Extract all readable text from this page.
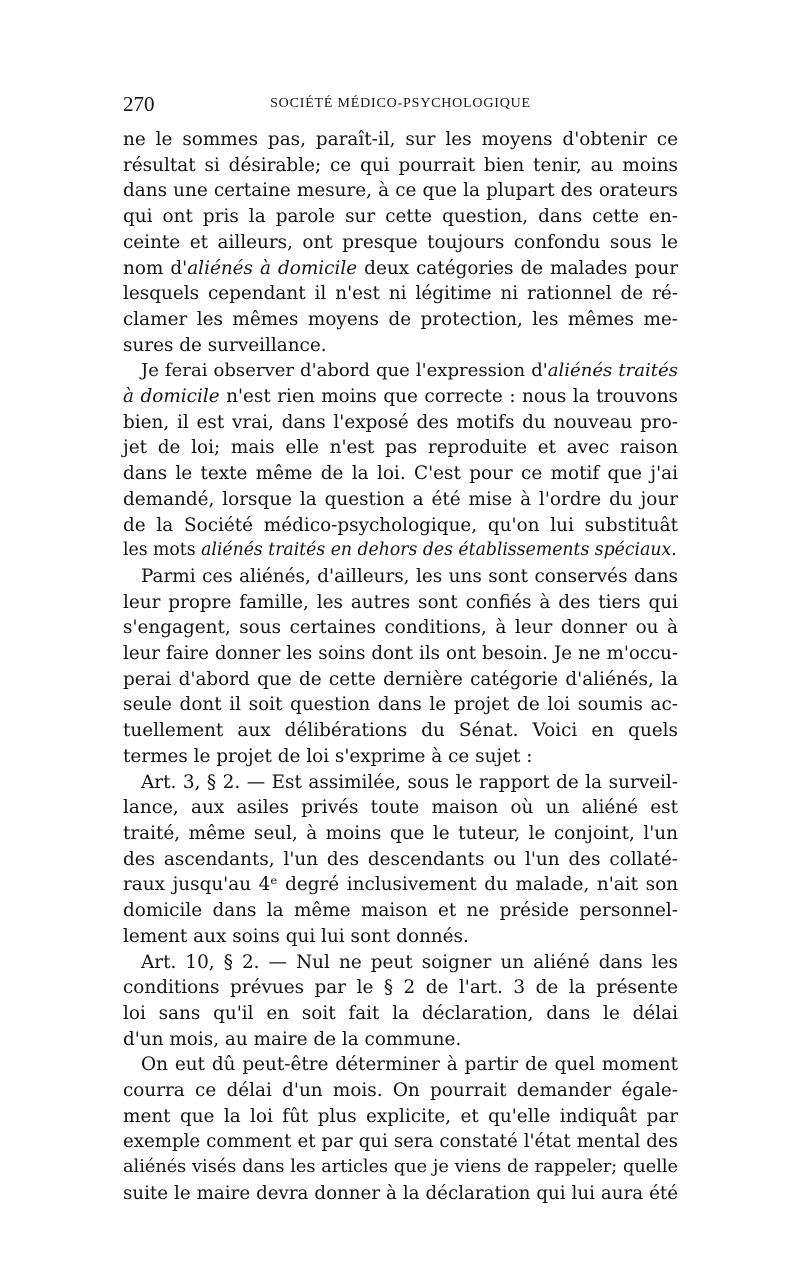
270	SOCIÉTÉ MÉDICO-PSYCHOLOGIQUE
ne le sommes pas, paraît-il, sur les moyens d'obtenir ce
résultat si désirable; ce qui pourrait bien tenir, au moins
dans une certaine mesure, à ce que la plupart des orateurs
qui ont pris la parole sur cette question, dans cette en-
ceinte et ailleurs, ont presque toujours confondu sous le
nom d'aliénés à domicile deux catégories de malades pour
lesquels cependant il n'est ni légitime ni rationnel de ré-
clamer les mêmes moyens de protection, les mêmes me-
sures de surveillance.
Je ferai observer d'abord que l'expression d'aliénés traités
à domicile n'est rien moins que correcte : nous la trouvons
bien, il est vrai, dans l'exposé des motifs du nouveau pro-
jet de loi; mais elle n'est pas reproduite et avec raison
dans le texte même de la loi. C'est pour ce motif que j'ai
demandé, lorsque la question a été mise à l'ordre du jour
de la Société médico-psychologique, qu'on lui substituât
les mots aliénés traités en dehors des établissements spéciaux.
Parmi ces aliénés, d'ailleurs, les uns sont conservés dans
leur propre famille, les autres sont confiés à des tiers qui
s'engagent, sous certaines conditions, à leur donner ou à
leur faire donner les soins dont ils ont besoin. Je ne m'occu-
perai d'abord que de cette dernière catégorie d'aliénés, la
seule dont il soit question dans le projet de loi soumis ac-
tuellement aux délibérations du Sénat. Voici en quels
termes le projet de loi s'exprime à ce sujet :
Art. 3, § 2. — Est assimilée, sous le rapport de la surveil-
lance, aux asiles privés toute maison où un aliéné est
traité, même seul, à moins que le tuteur, le conjoint, l'un
des ascendants, l'un des descendants ou l'un des collaté-
raux jusqu'au 4ᵉ degré inclusivement du malade, n'ait son
domicile dans la même maison et ne préside personnel-
lement aux soins qui lui sont donnés.
Art. 10, § 2. — Nul ne peut soigner un aliéné dans les
conditions prévues par le § 2 de l'art. 3 de la présente
loi sans qu'il en soit fait la déclaration, dans le délai
d'un mois, au maire de la commune.
On eut dû peut-être déterminer à partir de quel moment
courra ce délai d'un mois. On pourrait demander égale-
ment que la loi fût plus explicite, et qu'elle indiquât par
exemple comment et par qui sera constaté l'état mental des
aliénés visés dans les articles que je viens de rappeler; quelle
suite le maire devra donner à la déclaration qui lui aura été
